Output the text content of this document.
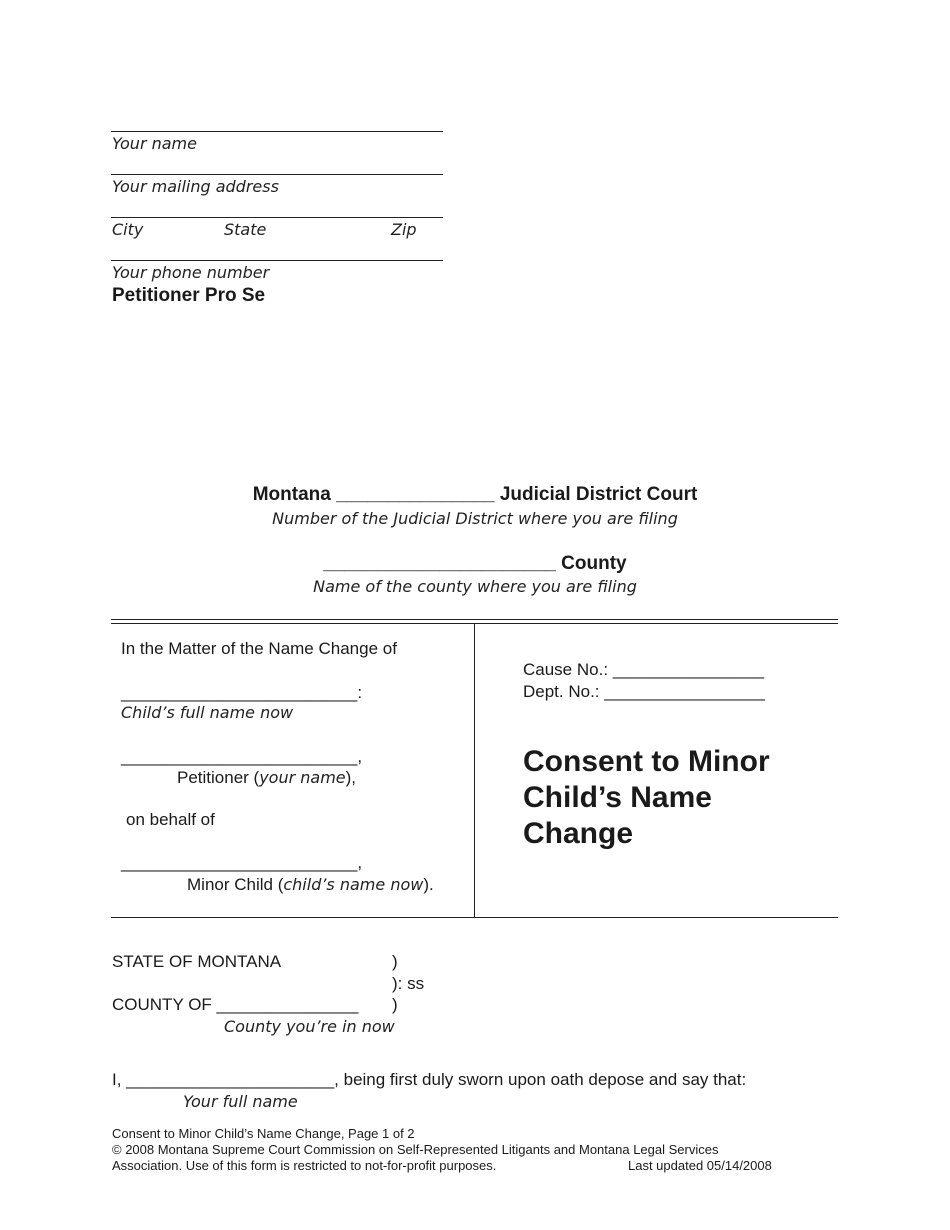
Your name
Your mailing address
City	State	Zip
Your phone number
Petitioner Pro Se
Montana _______________ Judicial District Court
Number of the Judicial District where you are filing
______________________ County
Name of the county where you are filing
In the Matter of the Name Change of
_________________________:
Child’s full name now
_________________________,
Petitioner (your name),
on behalf of
_________________________,
Minor Child (child’s name now).
Cause No.: ________________
Dept. No.: _________________
Consent to Minor
Child’s Name
Change
STATE OF MONTANA	)
): ss
COUNTY OF _______________ )
County you’re in now
I, ______________________, being first duly sworn upon oath depose and say that:
Your full name
Consent to Minor Child’s Name Change, Page 1 of 2
© 2008 Montana Supreme Court Commission on Self-Represented Litigants and Montana Legal Services
Association. Use of this form is restricted to not-for-profit purposes.	Last updated 05/14/2008
